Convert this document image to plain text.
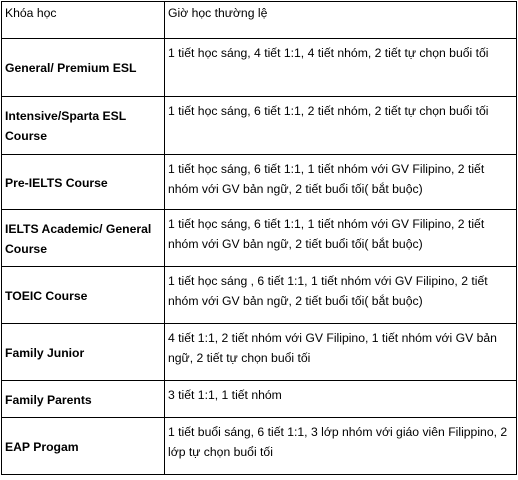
Khóa học	Giờ học thường lệ
General/ Premium ESL	1 tiết học sáng, 4 tiết 1:1, 4 tiết nhóm, 2 tiết tự chọn buổi tối
Intensive/Sparta ESL Course	1 tiết học sáng, 6 tiết 1:1, 2 tiết nhóm, 2 tiết tự chọn buổi tối
Pre-IELTS Course	1 tiết học sáng, 6 tiết 1:1, 1 tiết nhóm với GV Filipino, 2 tiết nhóm với GV bản ngữ, 2 tiết buổi tối( bắt buộc)
IELTS Academic/ General Course	1 tiết học sáng, 6 tiết 1:1, 1 tiết nhóm với GV Filipino, 2 tiết nhóm với GV bản ngữ, 2 tiết buổi tối( bắt buộc)
TOEIC Course	1 tiết học sáng , 6 tiết 1:1, 1 tiết nhóm với GV Filipino, 2 tiết nhóm với GV bản ngữ, 2 tiết buổi tối( bắt buộc)
Family Junior	4 tiết 1:1, 2 tiết nhóm với GV Filipino, 1 tiết nhóm với GV bản ngữ, 2 tiết tự chọn buổi tối
Family Parents	3 tiết 1:1, 1 tiết nhóm
EAP Progam	1 tiết buổi sáng, 6 tiết 1:1, 3 lớp nhóm với giáo viên Filippino, 2 lớp tự chọn buổi tối
